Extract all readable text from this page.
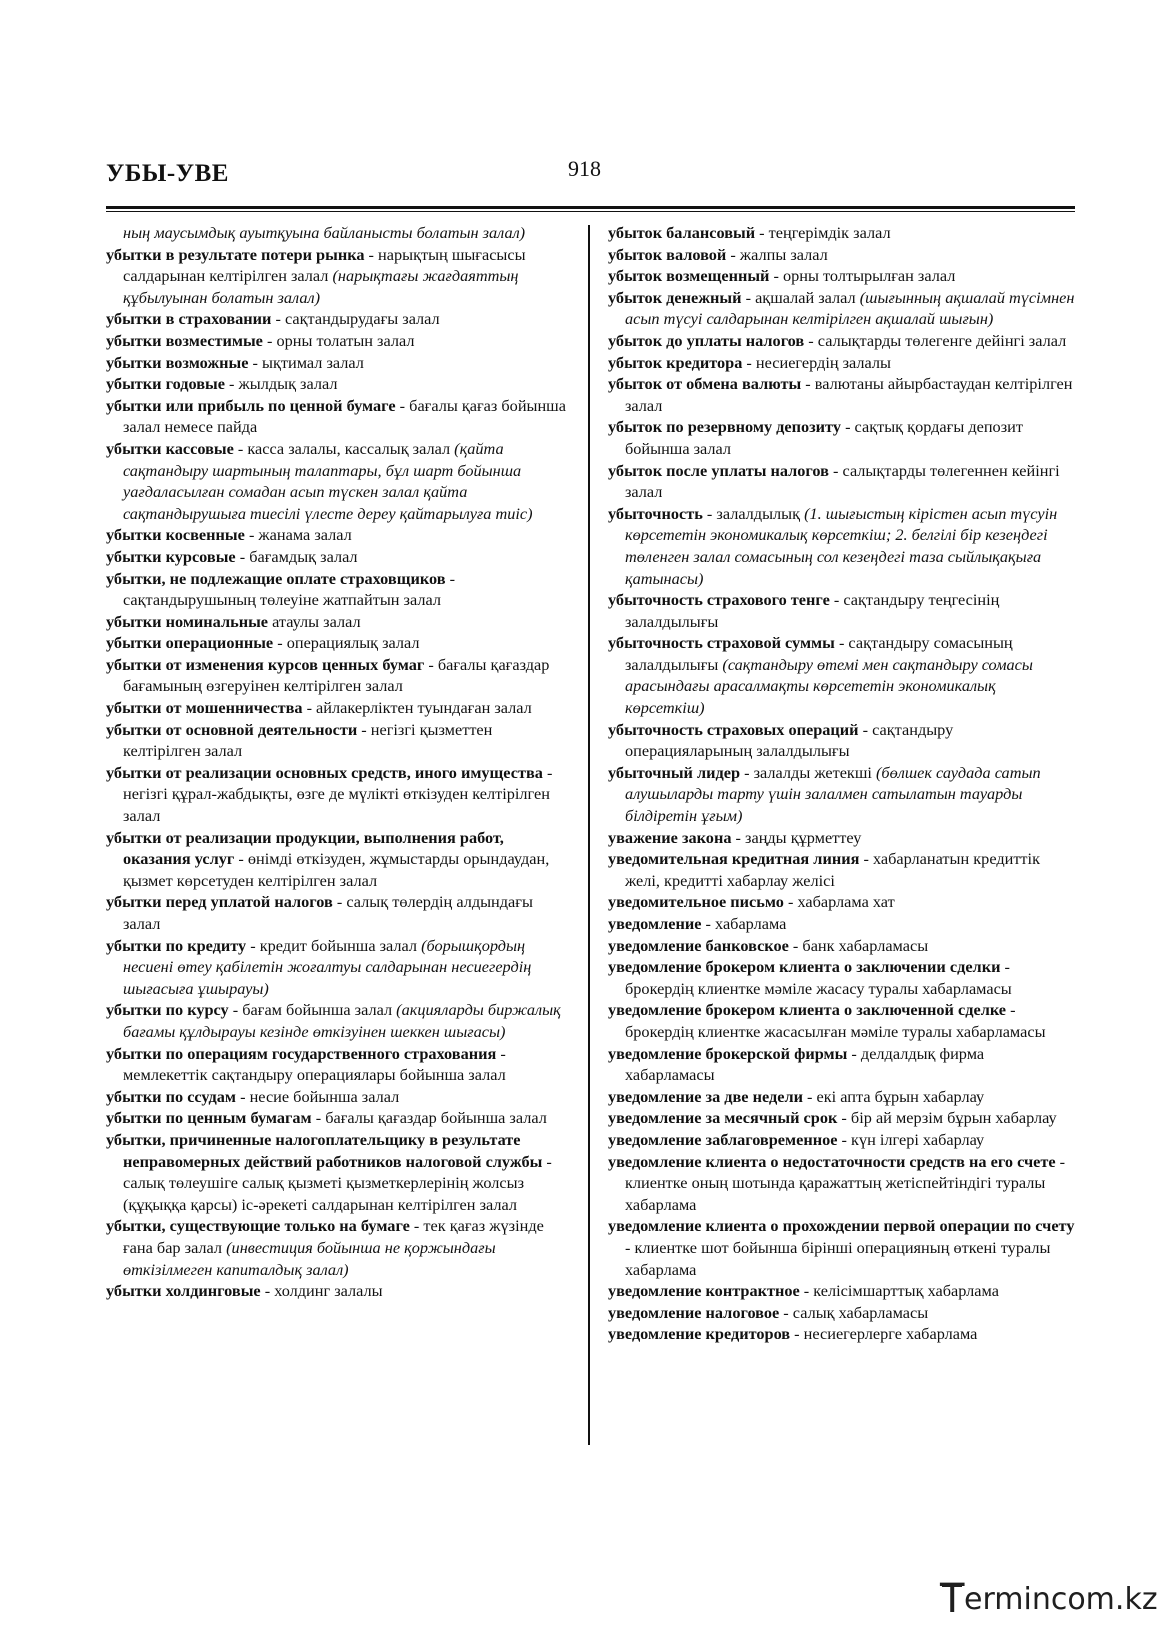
УБЫ-УВЕ	918

ның маусымдық ауытқуына байланысты болатын залал)

убытки в результате потери рынка - нарықтың шығасысы салдарынан келтірілген залал (нарықтағы жағдаяттың құбылуынан болатын залал)

убытки в страховании - сақтандырудағы залал

убытки возместимые - орны толатын залал

убытки возможные - ықтимал залал

убытки годовые - жылдық залал

убытки или прибыль по ценной бумаге - бағалы қағаз бойынша залал немесе пайда

убытки кассовые - касса залалы, кассалық залал (қайта сақтандыру шартының талаптары, бұл шарт бойынша уағдаласылған сомадан асып түскен залал қайта сақтандырушыға тиесілі үлесте дереу қайтарылуға тиіс)

убытки косвенные - жанама залал

убытки курсовые - бағамдық залал

убытки, не подлежащие оплате страховщиков - сақтандырушының төлеуіне жатпайтын залал

убытки номинальные атаулы залал

убытки операционные - операциялық залал

убытки от изменения курсов ценных бумаг - бағалы қағаздар бағамының өзгеруінен келтірілген залал

убытки от мошенничества - айлакерліктен туындаған залал

убытки от основной деятельности - негізгі қызметтен келтірілген залал

убытки от реализации основных средств, иного имущества - негізгі құрал-жабдықты, өзге де мүлікті өткізуден келтірілген залал

убытки от реализации продукции, выполнения работ, оказания услуг - өнімді өткізуден, жұмыстарды орындаудан, қызмет көрсетуден келтірілген залал

убытки перед уплатой налогов - салық төлердің алдындағы залал

убытки по кредиту - кредит бойынша залал (борышқордың несиені өтеу қабілетін жоғалтуы салдарынан несиегердің шығасыға ұшырауы)

убытки по курсу - бағам бойынша залал (акцияларды биржалық бағамы құлдырауы кезінде өткізуінен шеккен шығасы)

убытки по операциям государственного страхования - мемлекеттік сақтандыру операциялары бойынша залал

убытки по ссудам - несие бойынша залал

убытки по ценным бумагам - бағалы қағаздар бойынша залал

убытки, причиненные налогоплательщику в результате неправомерных действий работников налоговой службы - салық төлеушіге салық қызметі қызметкерлерінің жолсыз (құқыққа қарсы) іс-әрекеті салдарынан келтірілген залал

убытки, существующие только на бумаге - тек қағаз жүзінде ғана бар залал (инвестиция бойынша не қоржындағы өткізілмеген капиталдық залал)

убытки холдинговые - холдинг залалы

убыток балансовый - теңгерімдік залал

убыток валовой - жалпы залал

убыток возмещенный - орны толтырылған залал

убыток денежный - ақшалай залал (шығынның ақшалай түсімнен асып түсуі салдарынан келтірілген ақшалай шығын)

убыток до уплаты налогов - салықтарды төлегенге дейінгі залал

убыток кредитора - несиегердің залалы

убыток от обмена валюты - валютаны айырбастаудан келтірілген залал

убыток по резервному депозиту - сақтық қордағы депозит бойынша залал

убыток после уплаты налогов - салықтарды төлегеннен кейінгі залал

убыточность - залалдылық (1. шығыстың кірістен асып түсуін көрсететін экономикалық көрсеткіш; 2. белгілі бір кезеңдегі төленген залал сомасының сол кезеңдегі таза сыйлықақыға қатынасы)

убыточность страхового тенге - сақтандыру теңгесінің залалдылығы

убыточность страховой суммы - сақтандыру сомасының залалдылығы (сақтандыру өтемі мен сақтандыру сомасы арасындағы арасалмақты көрсететін экономикалық көрсеткіш)

убыточность страховых операций - сақтандыру операцияларының залалдылығы

убыточный лидер - залалды жетекші (бөлшек саудада сатып алушыларды тарту үшін залалмен сатылатын тауарды білдіретін ұғым)

уважение закона - заңды құрметтеу

уведомительная кредитная линия - хабарланатын кредиттік желі, кредитті хабарлау желісі

уведомительное письмо - хабарлама хат

уведомление - хабарлама

уведомление банковское - банк хабарламасы

уведомление брокером клиента о заключении сделки - брокердің клиентке мәміле жасасу туралы хабарламасы

уведомление брокером клиента о заключенной сделке - брокердің клиентке жасасылған мәміле туралы хабарламасы

уведомление брокерской фирмы - делдалдық фирма хабарламасы

уведомление за две недели - екі апта бұрын хабарлау

уведомление за месячный срок - бір ай мерзім бұрын хабарлау

уведомление заблаговременное - күн ілгері хабарлау

уведомление клиента о недостаточности средств на его счете - клиентке оның шотында қаражаттың жетіспейтіндігі туралы хабарлама

уведомление клиента о прохождении первой операции по счету - клиентке шот бойынша бірінші операцияның өткені туралы хабарлама

уведомление контрактное - келісімшарттық хабарлама

уведомление налоговое - салық хабарламасы

уведомление кредиторов - несиегерлерге хабарлама

T ermincom.kz
